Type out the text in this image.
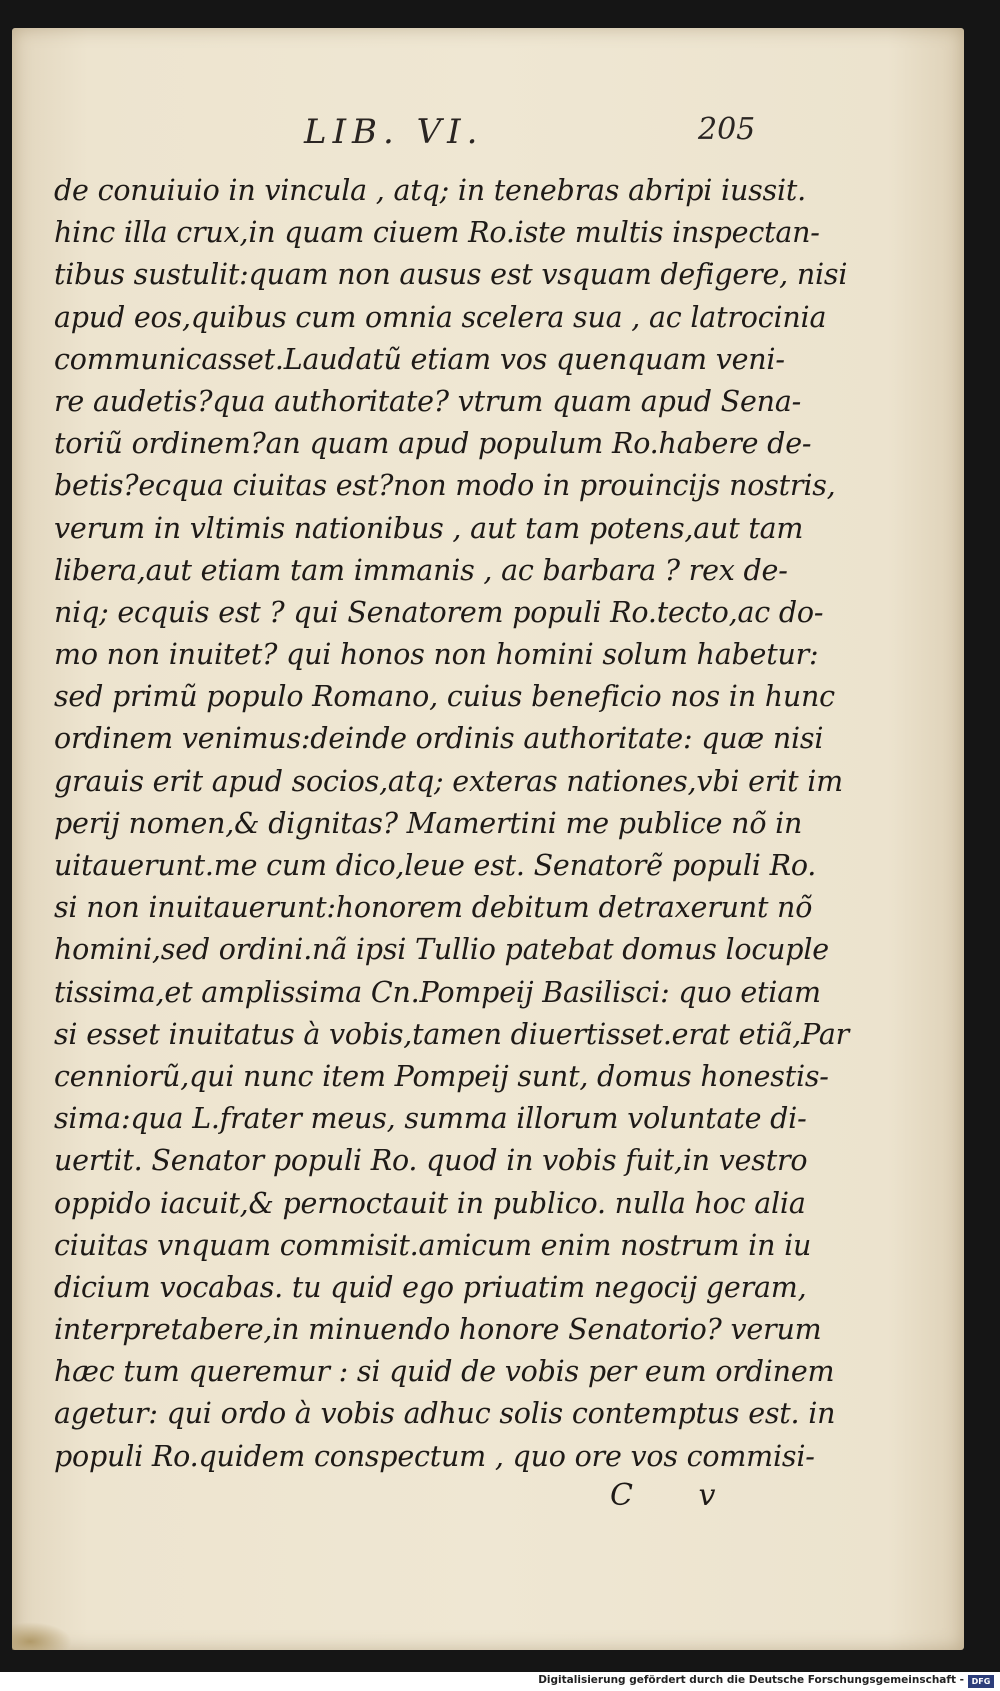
LIB. VI.	205
de conuiuio in vincula , atq; in tenebras abripi iussit.
hinc illa crux,in quam ciuem Ro.iste multis inspectan-
tibus sustulit:quam non ausus est vsquam defigere, nisi
apud eos,quibus cum omnia scelera sua , ac latrocinia
communicasset.Laudatũ etiam vos quenquam veni-
re audetis?qua authoritate? vtrum quam apud Sena-
toriũ ordinem?an quam apud populum Ro.habere de-
betis?ecqua ciuitas est?non modo in prouincijs nostris,
verum in vltimis nationibus , aut tam potens,aut tam
libera,aut etiam tam immanis , ac barbara ? rex de-
niq; ecquis est ? qui Senatorem populi Ro.tecto,ac do-
mo non inuitet? qui honos non homini solum habetur:
sed primũ populo Romano, cuius beneficio nos in hunc
ordinem venimus:deinde ordinis authoritate: quæ nisi
grauis erit apud socios,atq; exteras nationes,vbi erit im
perij nomen,& dignitas? Mamertini me publice nõ in
uitauerunt.me cum dico,leue est. Senatorẽ populi Ro.
si non inuitauerunt:honorem debitum detraxerunt nõ
homini,sed ordini.nã ipsi Tullio patebat domus locuple
tissima,et amplissima Cn.Pompeij Basilisci: quo etiam
si esset inuitatus à vobis,tamen diuertisset.erat etiã,Par
cenniorũ,qui nunc item Pompeij sunt, domus honestis-
sima:qua L.frater meus, summa illorum voluntate di-
uertit. Senator populi Ro. quod in vobis fuit,in vestro
oppido iacuit,& pernoctauit in publico. nulla hoc alia
ciuitas vnquam commisit.amicum enim nostrum in iu
dicium vocabas. tu quid ego priuatim negocij geram,
interpretabere,in minuendo honore Senatorio? verum
hæc tum queremur : si quid de vobis per eum ordinem
agetur: qui ordo à vobis adhuc solis contemptus est. in
populi Ro.quidem conspectum , quo ore vos commisi-
C v
Digitalisierung gefördert durch die Deutsche Forschungsgemeinschaft - DFG
